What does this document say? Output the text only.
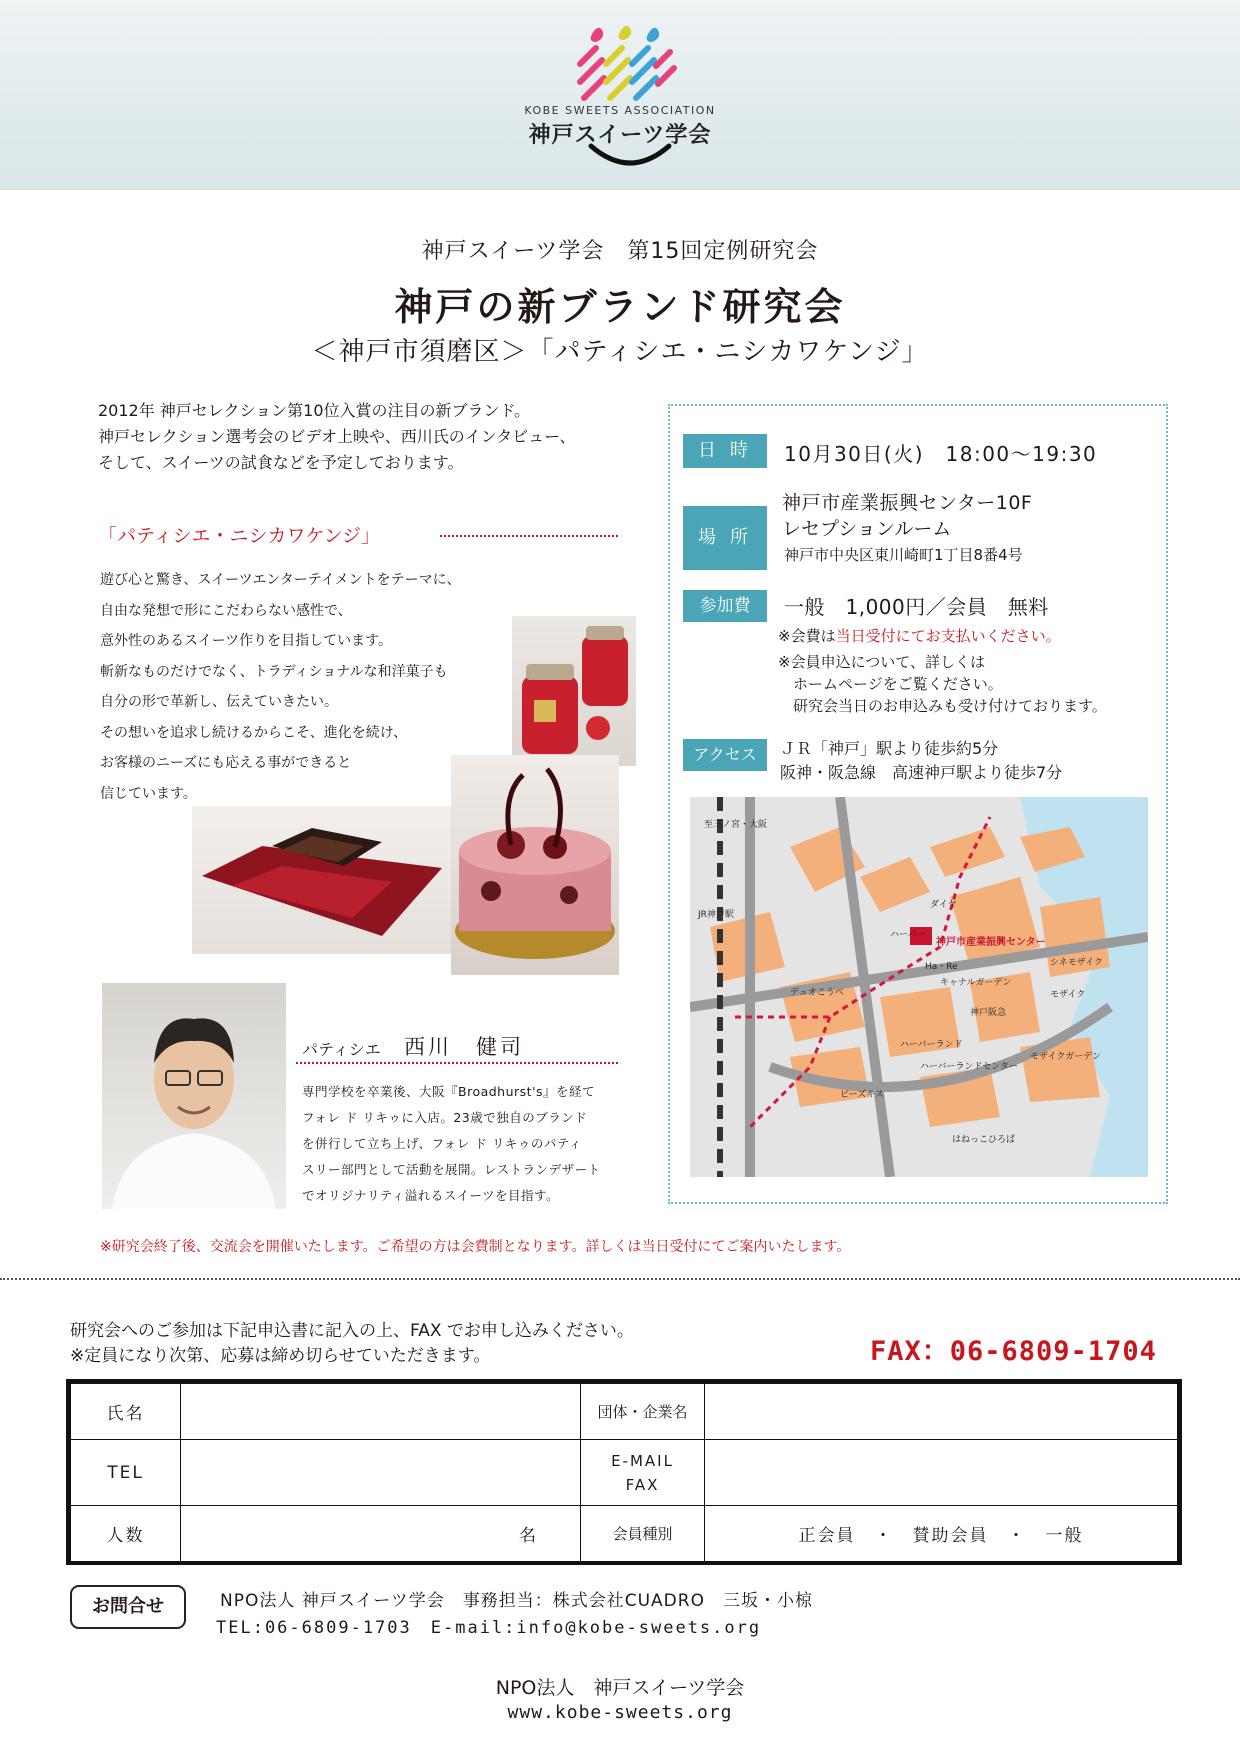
KOBE SWEETS ASSOCIATION
神戸スイーツ学会
神戸スイーツ学会　第15回定例研究会
神戸の新ブランド研究会
＜神戸市須磨区＞「パティシエ・ニシカワケンジ」
2012年 神戸セレクション第10位入賞の注目の新ブランド。
神戸セレクション選考会のビデオ上映や、西川氏のインタビュー、
そして、スイーツの試食などを予定しております。
「パティシエ・ニシカワケンジ」
遊び心と驚き、スイーツエンターテイメントをテーマに、
自由な発想で形にこだわらない感性で、
意外性のあるスイーツ作りを目指しています。
斬新なものだけでなく、トラディショナルな和洋菓子も
自分の形で革新し、伝えていきたい。
その想いを追求し続けるからこそ、進化を続け、
お客様のニーズにも応える事ができると
信じています。
パティシエ 西川　健司
専門学校を卒業後、大阪『Broadhurst's』を経て
フォレ ド リキゥに入店。23歳で独自のブランド
を併行して立ち上げ、フォレ ド リキゥのパティ
スリー部門として活動を展開。レストランデザート
でオリジナリティ溢れるスイーツを目指す。
日時 10月30日(火)　18:00〜19:30
場所
神戸市産業振興センター10F
レセプションルーム
神戸市中央区東川崎町1丁目8番4号
参加費	一般　1,000円／会員　無料
※会費は当日受付にてお支払いください。
※会員申込について、詳しくは
　ホームページをご覧ください。
　研究会当日のお申込みも受け付けております。
アクセス	ＪＲ「神戸」駅より徒歩約5分
阪神・阪急線　高速神戸駅より徒歩7分
神戸市産業振興センター
JR神戸駅
ハーバーランド
モザイク
シネモザイク
モザイクガーデン
ハーバーランドセンター
Ha・Re
キャナルガーデン
ダイヤ
神戸阪急
はねっこひろば
デュオこうべ
至三ノ宮・大阪
ハーバー
ビーズキス
※研究会終了後、交流会を開催いたします。ご希望の方は会費制となります。詳しくは当日受付にてご案内いたします。
研究会へのご参加は下記申込書に記入の上、FAX でお申し込みください。
※定員になり次第、応募は締め切らせていただきます。	FAX：06-6809-1704
氏名		団体・企業名	
TEL		E-MAIL
FAX	

人数	名	会員種別	正会員　・　賛助会員　・　一般
お問合せ	NPO法人 神戸スイーツ学会　事務担当：株式会社CUADRO　三坂・小椋
TEL:06-6809-1703　E-mail:info@kobe-sweets.org
NPO法人　神戸スイーツ学会
www.kobe-sweets.org
